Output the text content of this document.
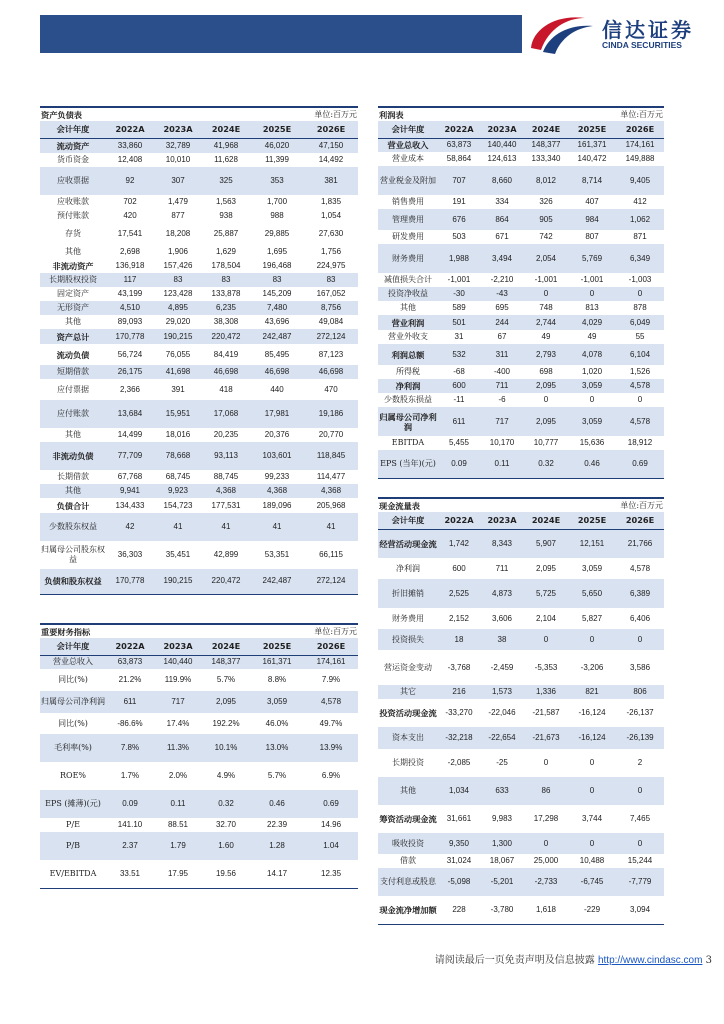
信达证券
CINDA SECURITIES
资产负债表				单位:百万元	
会计年度	2022A	2023A	2024E	2025E	2026E
流动资产	33,860	32,789	41,968	46,020	47,150
货币资金	12,408	10,010	11,628	11,399	14,492
应收票据	92	307	325	353	381
应收账款	702	1,479	1,563	1,700	1,835
预付账款	420	877	938	988	1,054
存货	17,541	18,208	25,887	29,885	27,630
其他	2,698	1,906	1,629	1,695	1,756
非流动资产	136,918	157,426	178,504	196,468	224,975
长期股权投资	117	83	83	83	83
固定资产	43,199	123,428	133,878	145,209	167,052
无形资产	4,510	4,895	6,235	7,480	8,756
其他	89,093	29,020	38,308	43,696	49,084
资产总计	170,778	190,215	220,472	242,487	272,124
流动负债	56,724	76,055	84,419	85,495	87,123
短期借款	26,175	41,698	46,698	46,698	46,698
应付票据	2,366	391	418	440	470
应付账款	13,684	15,951	17,068	17,981	19,186
其他	14,499	18,016	20,235	20,376	20,770
非流动负债	77,709	78,668	93,113	103,601	118,845
长期借款	67,768	68,745	88,745	99,233	114,477
其他	9,941	9,923	4,368	4,368	4,368
负债合计	134,433	154,723	177,531	189,096	205,968
少数股东权益	42	41	41	41	41
归属母公司股东权益	36,303	35,451	42,899	53,351	66,115
负债和股东权益	170,778	190,215	220,472	242,487	272,124
重要财务指标				单位:百万元	
会计年度	2022A	2023A	2024E	2025E	2026E
营业总收入	63,873	140,440	148,377	161,371	174,161
同比(%)	21.2%	119.9%	5.7%	8.8%	7.9%
归属母公司净利润	611	717	2,095	3,059	4,578
同比(%)	-86.6%	17.4%	192.2%	46.0%	49.7%
毛利率(%)	7.8%	11.3%	10.1%	13.0%	13.9%
ROE%	1.7%	2.0%	4.9%	5.7%	6.9%
EPS (摊薄)(元)	0.09	0.11	0.32	0.46	0.69
P/E	141.10	88.51	32.70	22.39	14.96
P/B	2.37	1.79	1.60	1.28	1.04
EV/EBITDA	33.51	17.95	19.56	14.17	12.35
利润表				单位:百万元	
会计年度	2022A	2023A	2024E	2025E	2026E
营业总收入	63,873	140,440	148,377	161,371	174,161
营业成本	58,864	124,613	133,340	140,472	149,888
营业税金及附加	707	8,660	8,012	8,714	9,405
销售费用	191	334	326	407	412
管理费用	676	864	905	984	1,062
研发费用	503	671	742	807	871
财务费用	1,988	3,494	2,054	5,769	6,349
减值损失合计	-1,001	-2,210	-1,001	-1,001	-1,003
投资净收益	-30	-43	0	0	0
其他	589	695	748	813	878
营业利润	501	244	2,744	4,029	6,049
营业外收支	31	67	49	49	55
利润总额	532	311	2,793	4,078	6,104
所得税	-68	-400	698	1,020	1,526
净利润	600	711	2,095	3,059	4,578
少数股东损益	-11	-6	0	0	0
归属母公司净利润	611	717	2,095	3,059	4,578
EBITDA	5,455	10,170	10,777	15,636	18,912
EPS (当年)(元)	0.09	0.11	0.32	0.46	0.69
现金流量表				单位:百万元	
会计年度	2022A	2023A	2024E	2025E	2026E
经营活动现金流	1,742	8,343	5,907	12,151	21,766
净利润	600	711	2,095	3,059	4,578
折旧摊销	2,525	4,873	5,725	5,650	6,389
财务费用	2,152	3,606	2,104	5,827	6,406
投资损失	18	38	0	0	0
营运资金变动	-3,768	-2,459	-5,353	-3,206	3,586
其它	216	1,573	1,336	821	806
投资活动现金流	-33,270	-22,046	-21,587	-16,124	-26,137
资本支出	-32,218	-22,654	-21,673	-16,124	-26,139
长期投资	-2,085	-25	0	0	2
其他	1,034	633	86	0	0
筹资活动现金流	31,661	9,983	17,298	3,744	7,465
吸收投资	9,350	1,300	0	0	0
借款	31,024	18,067	25,000	10,488	15,244
支付利息或股息	-5,098	-5,201	-2,733	-6,745	-7,779
现金流净增加额	228	-3,780	1,618	-229	3,094
请阅读最后一页免责声明及信息披露 http://www.cindasc.com 3
